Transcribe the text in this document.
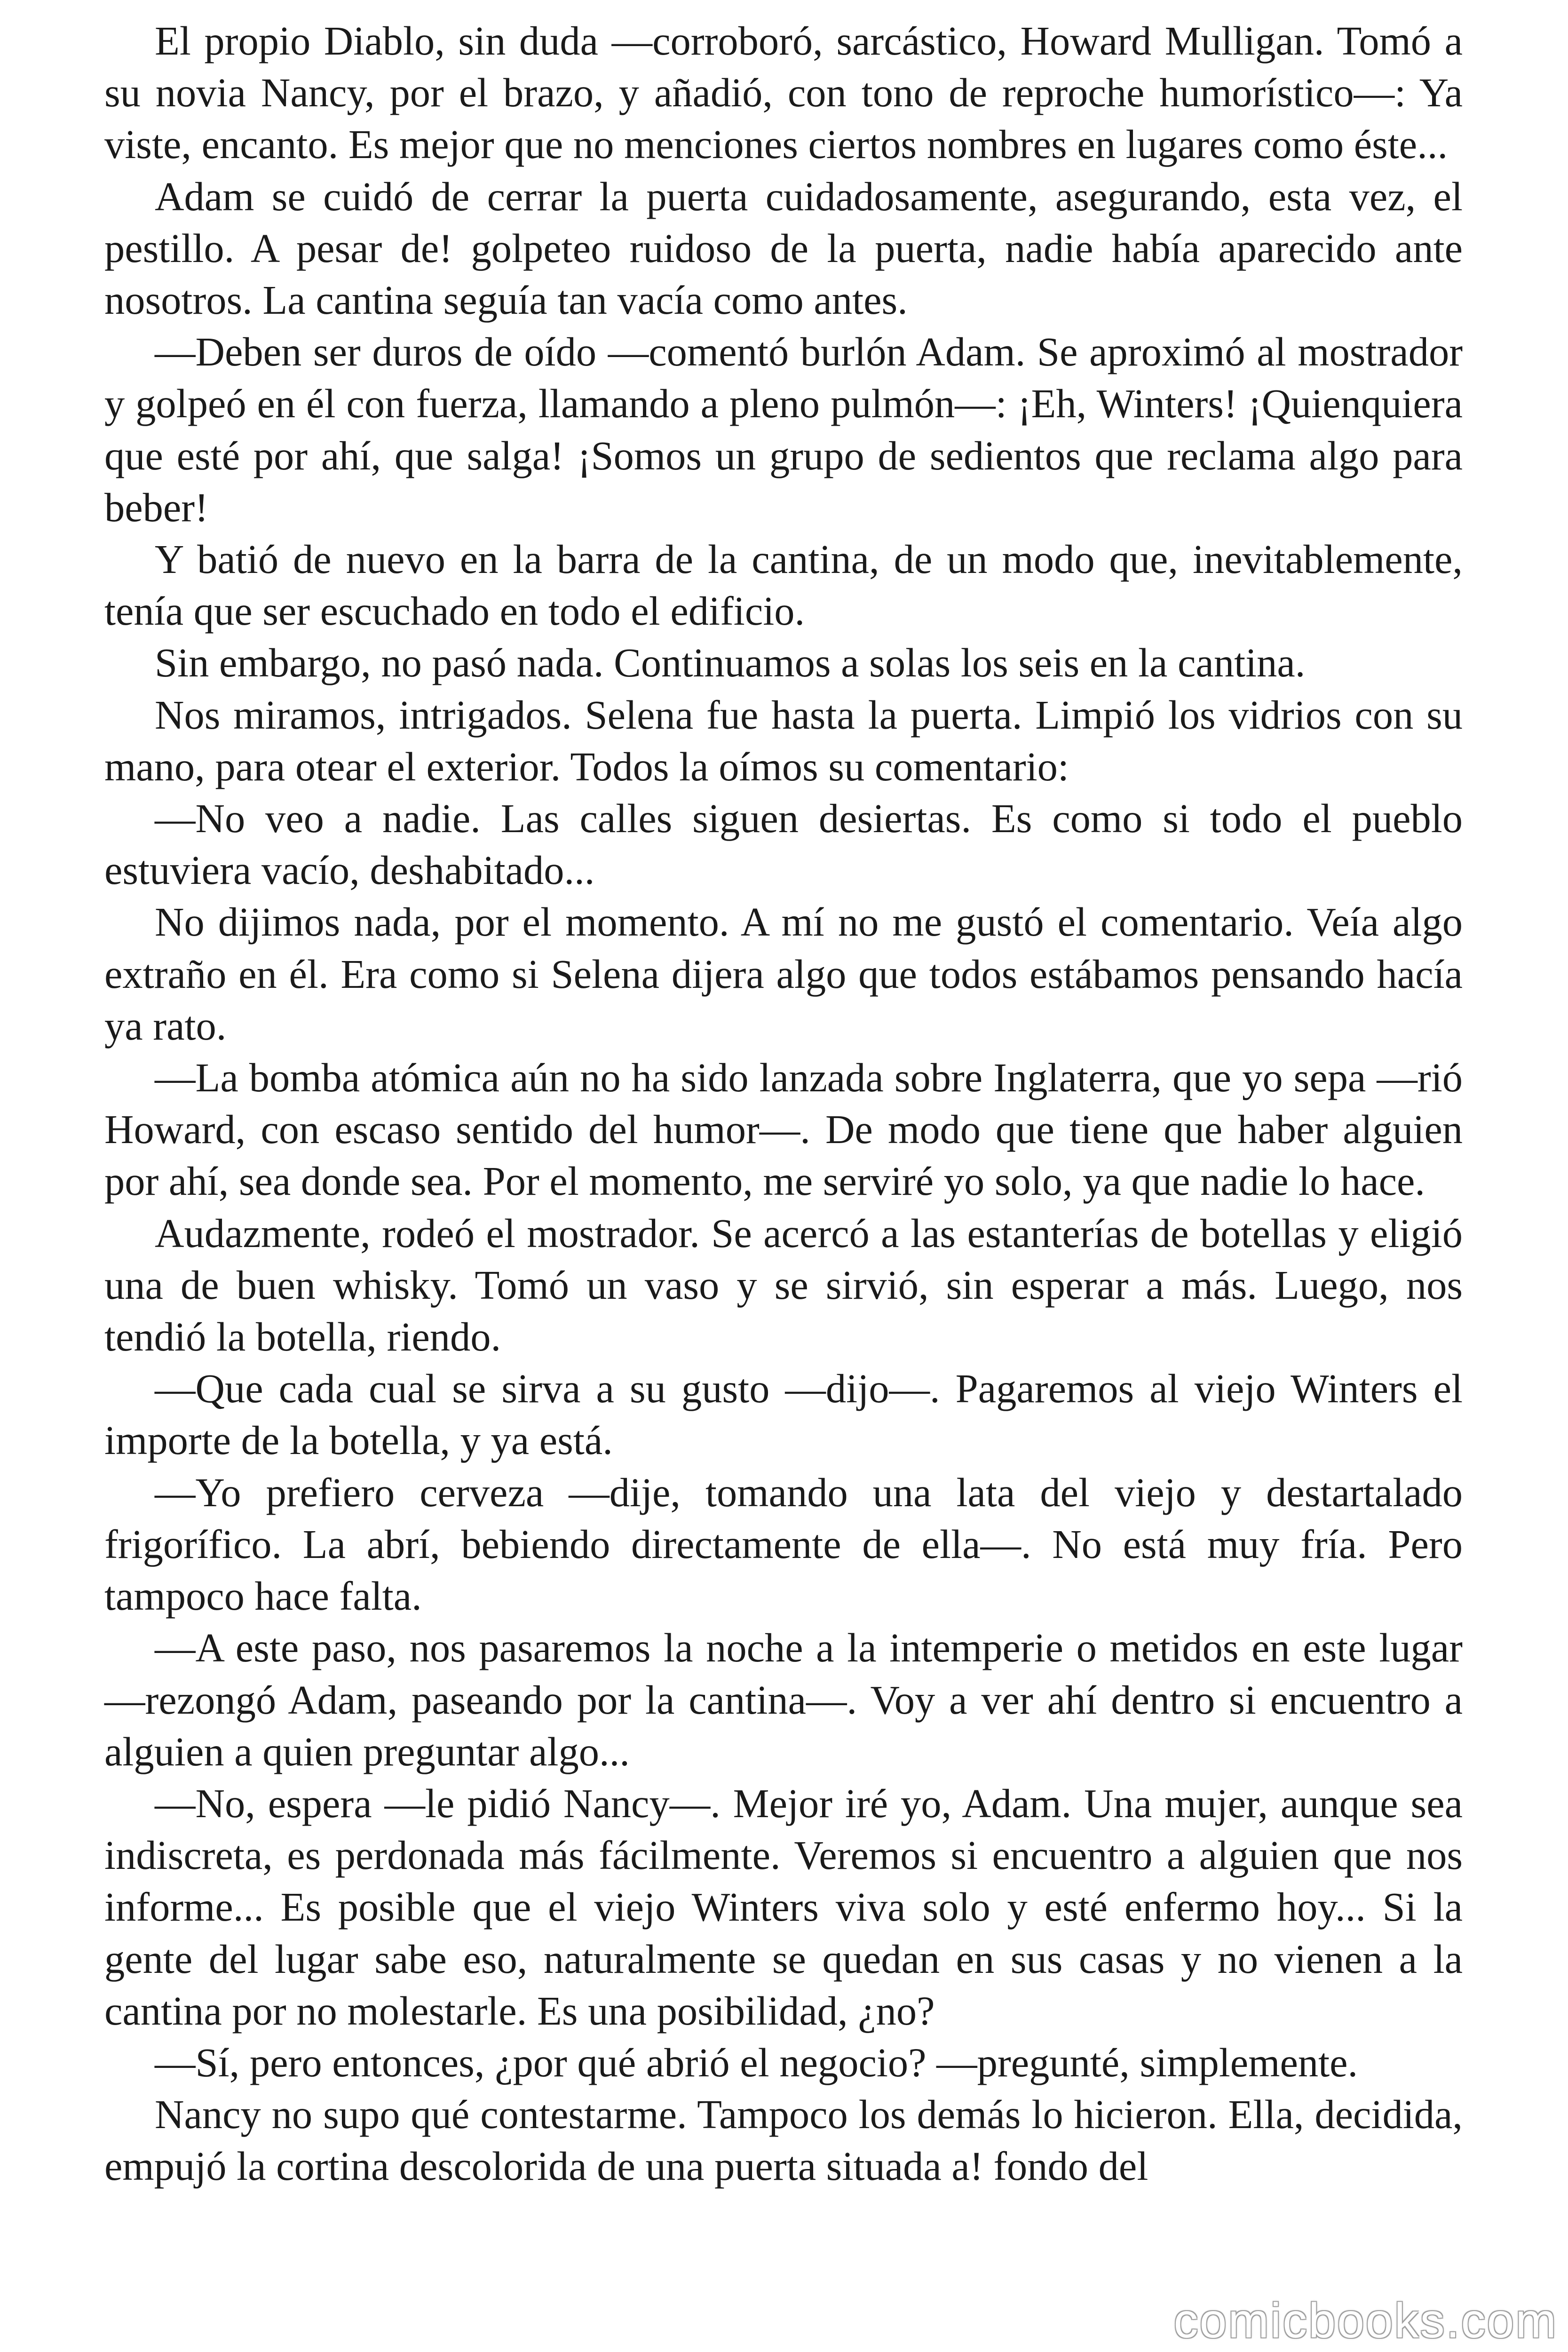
El propio Diablo, sin duda —corroboró, sarcástico, Howard Mulligan. Tomó a su novia Nancy, por el brazo, y añadió, con tono de reproche humorístico—: Ya viste, encanto. Es mejor que no menciones ciertos nombres en lugares como éste...

Adam se cuidó de cerrar la puerta cuidadosamente, asegurando, esta vez, el pestillo. A pesar de! golpeteo ruidoso de la puerta, nadie había aparecido ante nosotros. La cantina seguía tan vacía como antes.

—Deben ser duros de oído —comentó burlón Adam. Se aproximó al mostrador y golpeó en él con fuerza, llamando a pleno pulmón—: ¡Eh, Winters! ¡Quienquiera que esté por ahí, que salga! ¡Somos un grupo de sedientos que reclama algo para beber!

Y batió de nuevo en la barra de la cantina, de un modo que, inevitablemente, tenía que ser escuchado en todo el edificio.

Sin embargo, no pasó nada. Continuamos a solas los seis en la cantina.

Nos miramos, intrigados. Selena fue hasta la puerta. Limpió los vidrios con su mano, para otear el exterior. Todos la oímos su comentario:

—No veo a nadie. Las calles siguen desiertas. Es como si todo el pueblo estuviera vacío, deshabitado...

No dijimos nada, por el momento. A mí no me gustó el comentario. Veía algo extraño en él. Era como si Selena dijera algo que todos estábamos pensando hacía ya rato.

—La bomba atómica aún no ha sido lanzada sobre Inglaterra, que yo sepa —rió Howard, con escaso sentido del humor—. De modo que tiene que haber alguien por ahí, sea donde sea. Por el momento, me serviré yo solo, ya que nadie lo hace.

Audazmente, rodeó el mostrador. Se acercó a las estanterías de botellas y eligió una de buen whisky. Tomó un vaso y se sirvió, sin esperar a más. Luego, nos tendió la botella, riendo.

—Que cada cual se sirva a su gusto —dijo—. Pagaremos al viejo Winters el importe de la botella, y ya está.

—Yo prefiero cerveza —dije, tomando una lata del viejo y destartalado frigorífico. La abrí, bebiendo directamente de ella—. No está muy fría. Pero tampoco hace falta.

—A este paso, nos pasaremos la noche a la intemperie o metidos en este lugar —rezongó Adam, paseando por la cantina—. Voy a ver ahí dentro si encuentro a alguien a quien preguntar algo...

—No, espera —le pidió Nancy—. Mejor iré yo, Adam. Una mujer, aunque sea indiscreta, es perdonada más fácilmente. Veremos si encuentro a alguien que nos informe... Es posible que el viejo Winters viva solo y esté enfermo hoy... Si la gente del lugar sabe eso, naturalmente se quedan en sus casas y no vienen a la cantina por no molestarle. Es una posibilidad, ¿no?

—Sí, pero entonces, ¿por qué abrió el negocio? —pregunté, simplemente.

Nancy no supo qué contestarme. Tampoco los demás lo hicieron. Ella, decidida, empujó la cortina descolorida de una puerta situada a! fondo del

comicbooks.com
